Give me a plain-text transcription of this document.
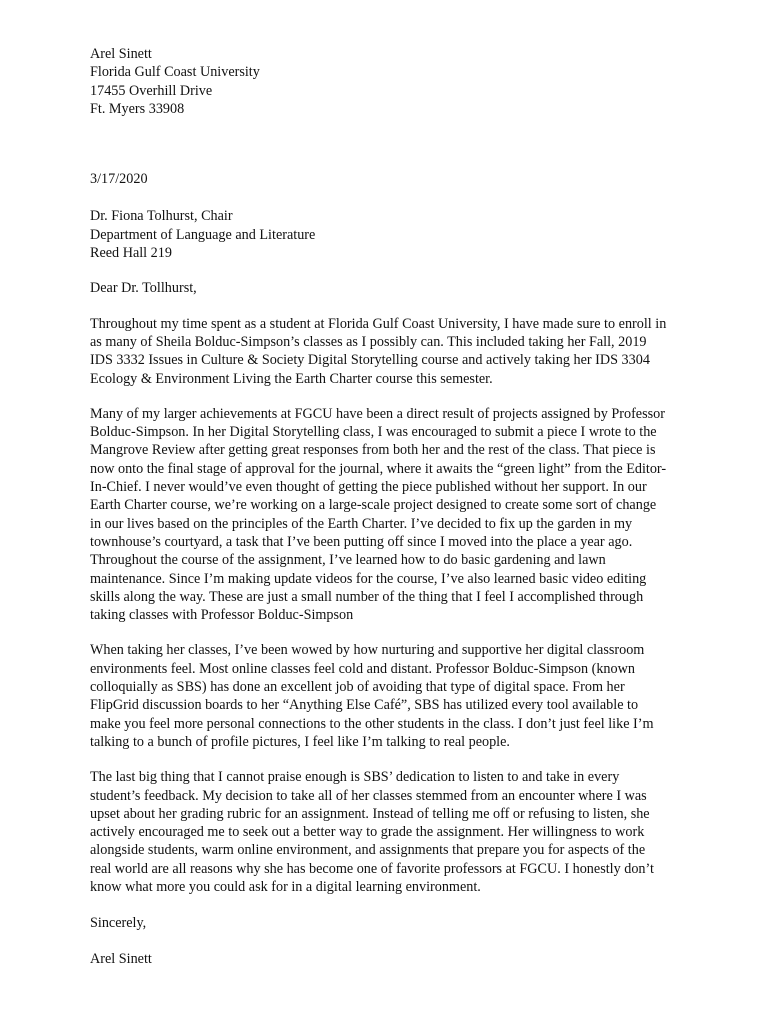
Arel Sinett
Florida Gulf Coast University
17455 Overhill Drive
Ft. Myers 33908
3/17/2020
Dr. Fiona Tolhurst, Chair
Department of Language and Literature
Reed Hall 219
Dear Dr. Tollhurst,
Throughout my time spent as a student at Florida Gulf Coast University, I have made sure to enroll in
as many of Sheila Bolduc-Simpson’s classes as I possibly can. This included taking her Fall, 2019
IDS 3332 Issues in Culture & Society Digital Storytelling course and actively taking her IDS 3304
Ecology & Environment Living the Earth Charter course this semester.
Many of my larger achievements at FGCU have been a direct result of projects assigned by Professor
Bolduc-Simpson. In her Digital Storytelling class, I was encouraged to submit a piece I wrote to the
Mangrove Review after getting great responses from both her and the rest of the class. That piece is
now onto the final stage of approval for the journal, where it awaits the “green light” from the Editor-
In-Chief. I never would’ve even thought of getting the piece published without her support. In our
Earth Charter course, we’re working on a large-scale project designed to create some sort of change
in our lives based on the principles of the Earth Charter. I’ve decided to fix up the garden in my
townhouse’s courtyard, a task that I’ve been putting off since I moved into the place a year ago.
Throughout the course of the assignment, I’ve learned how to do basic gardening and lawn
maintenance. Since I’m making update videos for the course, I’ve also learned basic video editing
skills along the way. These are just a small number of the thing that I feel I accomplished through
taking classes with Professor Bolduc-Simpson
When taking her classes, I’ve been wowed by how nurturing and supportive her digital classroom
environments feel. Most online classes feel cold and distant. Professor Bolduc-Simpson (known
colloquially as SBS) has done an excellent job of avoiding that type of digital space. From her
FlipGrid discussion boards to her “Anything Else Café”, SBS has utilized every tool available to
make you feel more personal connections to the other students in the class. I don’t just feel like I’m
talking to a bunch of profile pictures, I feel like I’m talking to real people.
The last big thing that I cannot praise enough is SBS’ dedication to listen to and take in every
student’s feedback. My decision to take all of her classes stemmed from an encounter where I was
upset about her grading rubric for an assignment. Instead of telling me off or refusing to listen, she
actively encouraged me to seek out a better way to grade the assignment. Her willingness to work
alongside students, warm online environment, and assignments that prepare you for aspects of the
real world are all reasons why she has become one of favorite professors at FGCU. I honestly don’t
know what more you could ask for in a digital learning environment.
Sincerely,
Arel Sinett
